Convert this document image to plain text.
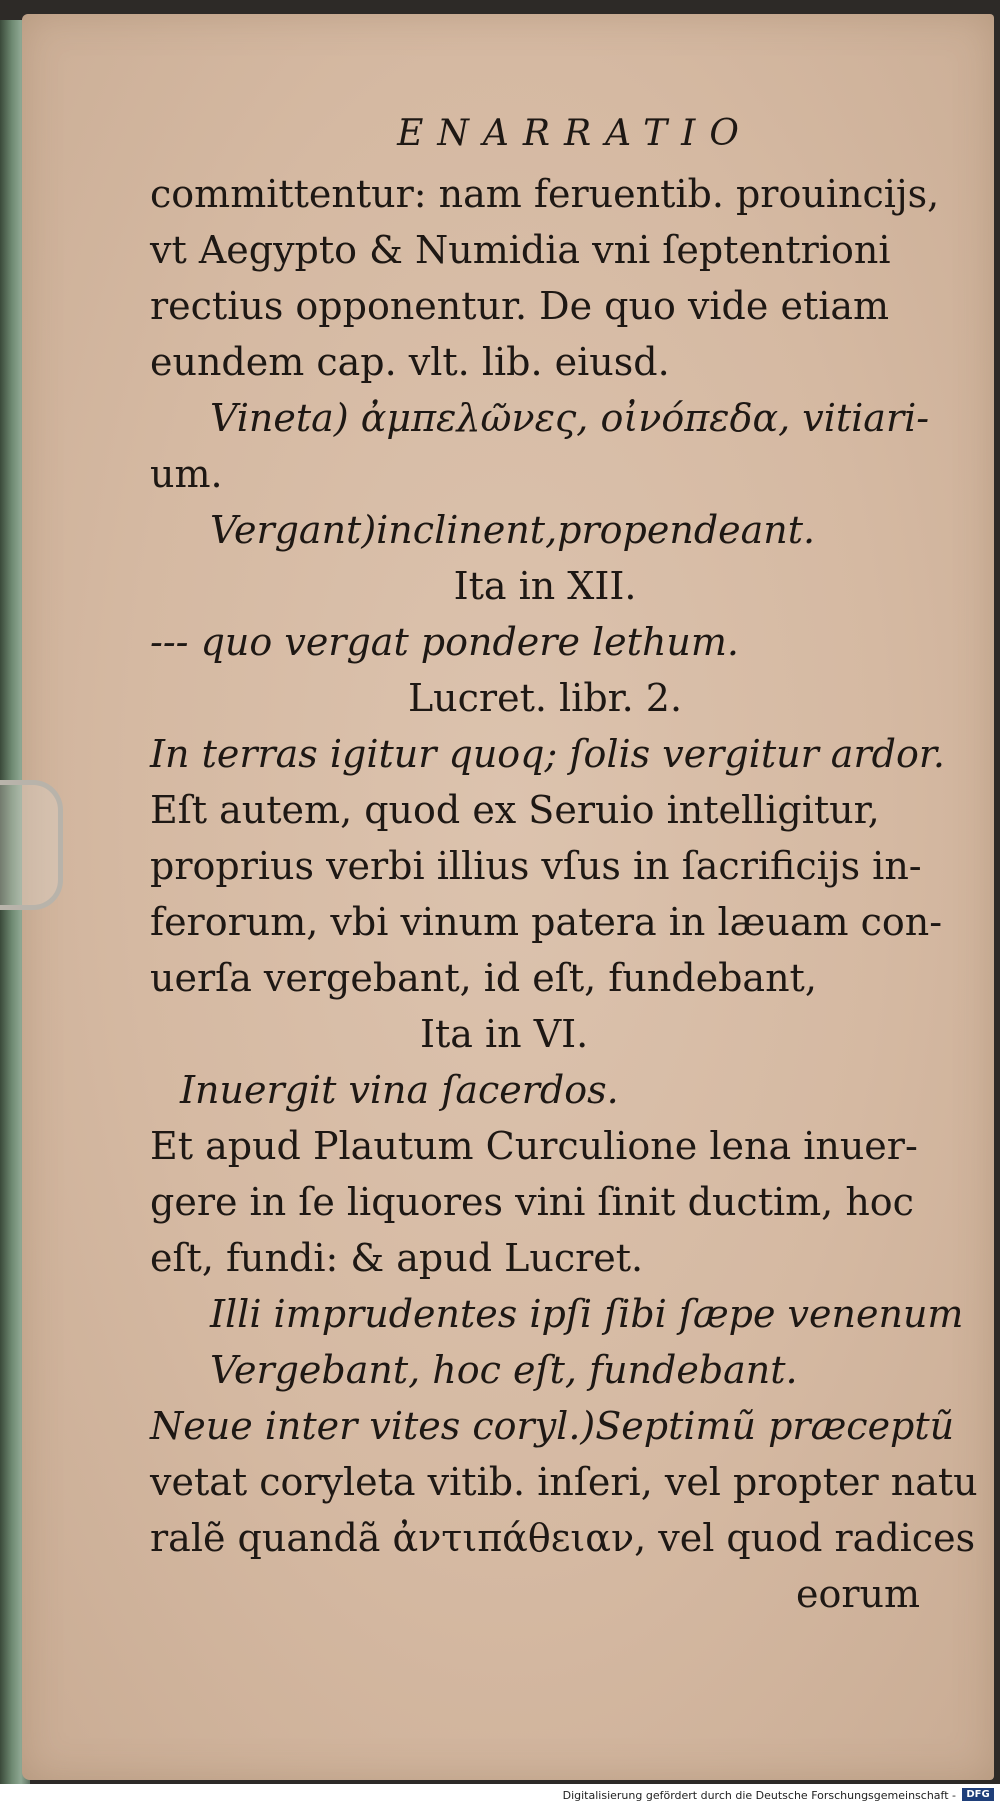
ENARRATIO
committentur: nam feruentib. prouincijs,
vt Aegypto & Numidia vni ſeptentrioni
rectius opponentur. De quo vide etiam
eundem cap. vlt. lib. eiusd.
Vineta) ἀμπελῶνες, οἰνόπεδα, vitiari-
um.
Vergant)inclinent,propendeant.
Ita in XII.
--- quo vergat pondere lethum.
Lucret. libr. 2.
In terras igitur quoq; ſolis vergitur ardor.
Eſt autem, quod ex Seruio intelligitur,
proprius verbi illius vſus in ſacrificijs in-
ferorum, vbi vinum patera in læuam con-
uerſa vergebant, id eſt, fundebant,
Ita in VI.
Inuergit vina ſacerdos.
Et apud Plautum Curculione lena inuer-
gere in ſe liquores vini ſinit ductim, hoc
eſt, fundi: & apud Lucret.
Illi imprudentes ipſi ſibi ſæpe venenum
Vergebant, hoc eſt, fundebant.
Neue inter vites coryl.)Septimũ præceptũ
vetat coryleta vitib. inſeri, vel propter natu
ralẽ quandã ἀντιπάθειαν, vel quod radices
eorum
Digitalisierung gefördert durch die Deutsche Forschungsgemeinschaft -	DFG
